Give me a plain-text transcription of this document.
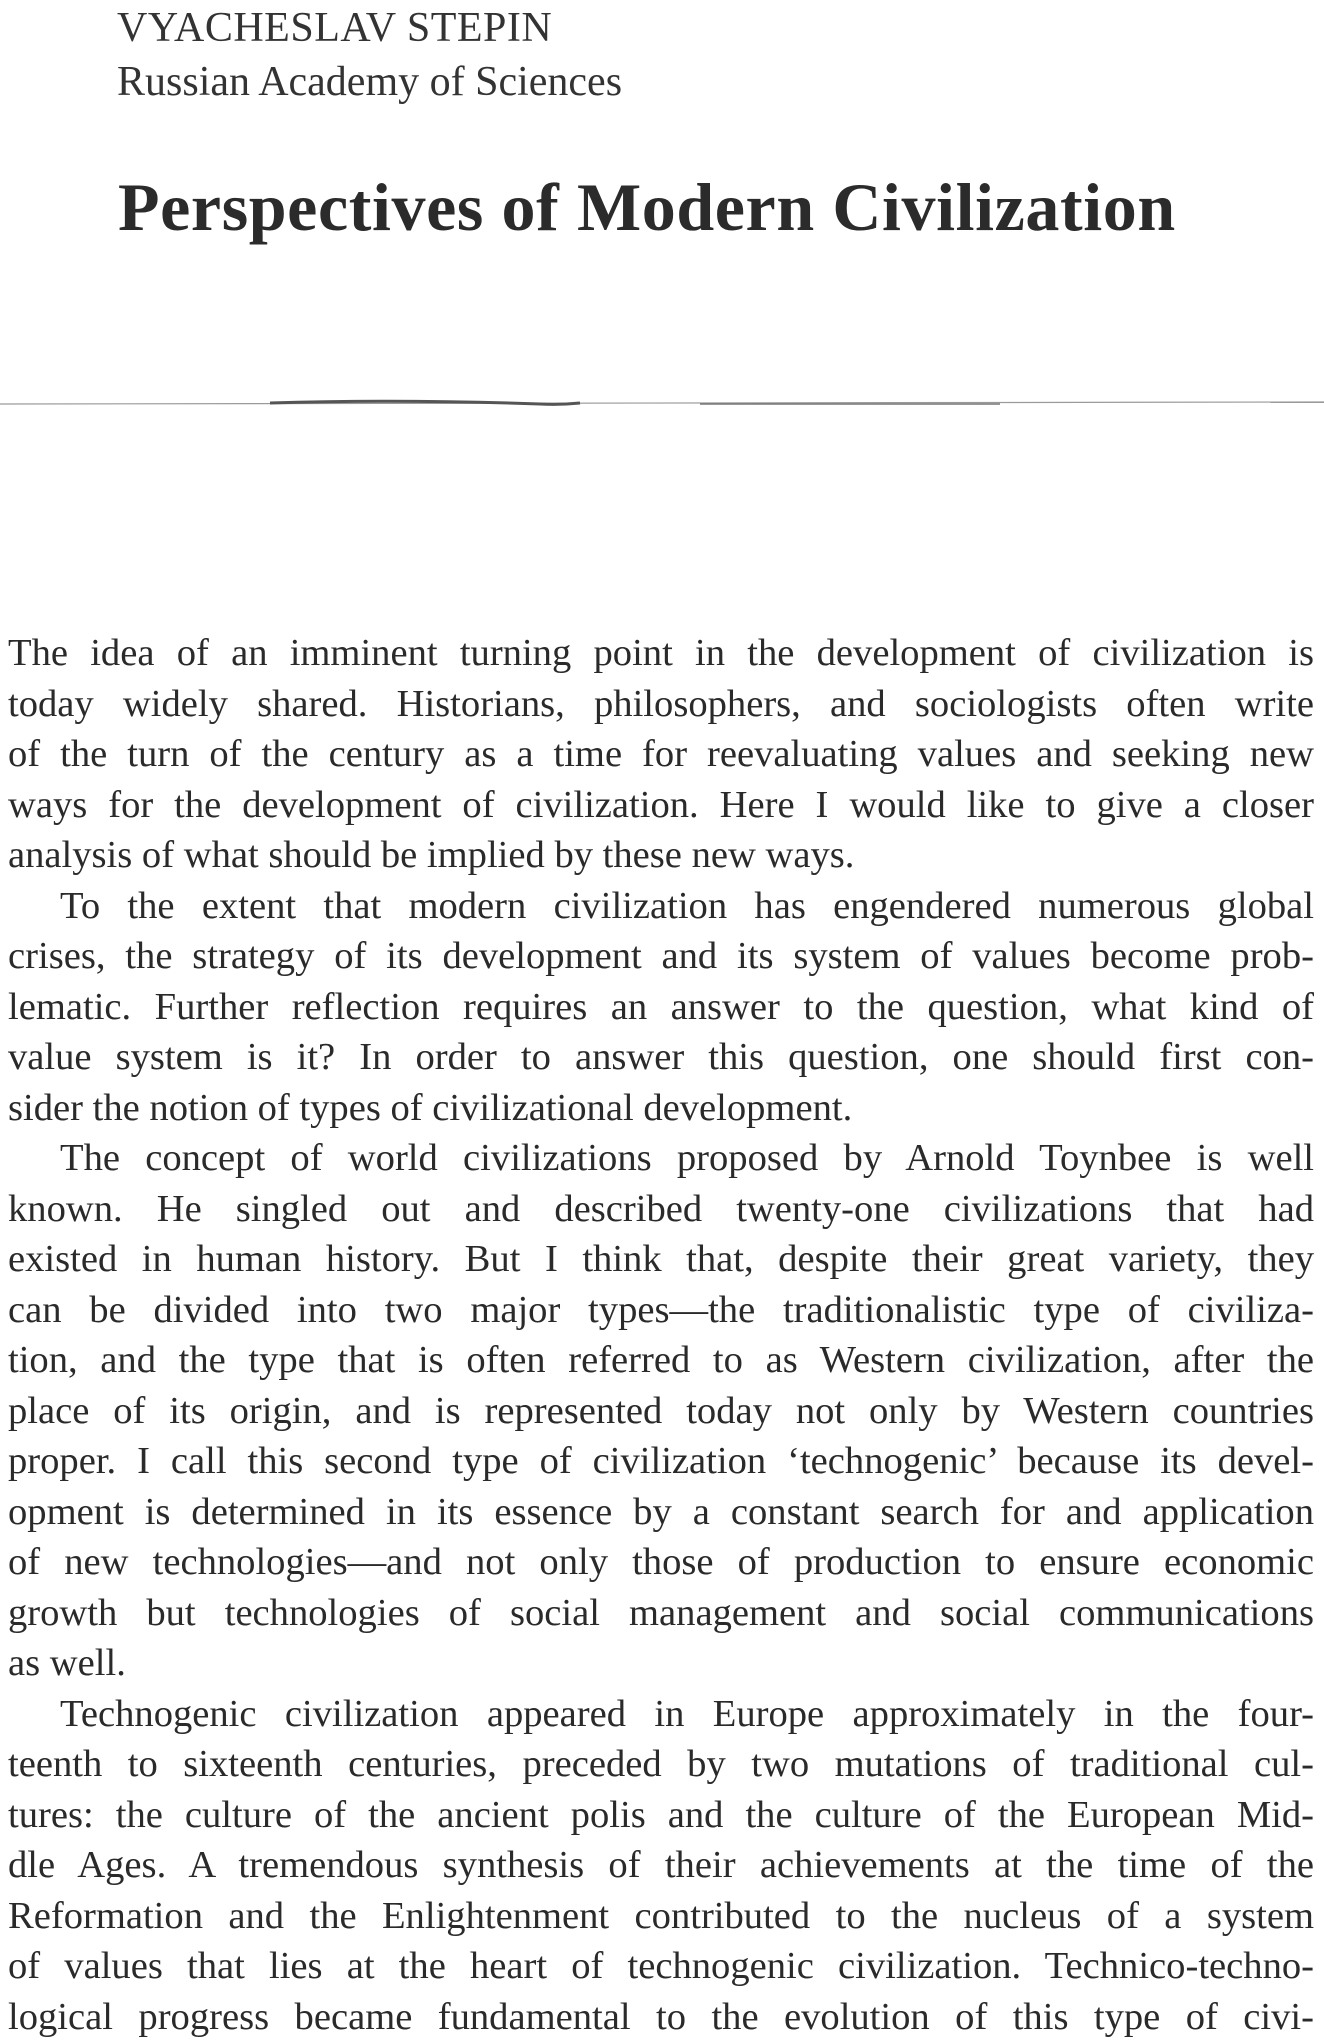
VYACHESLAV STEPIN
Russian Academy of Sciences
Perspectives of Modern Civilization
The idea of an imminent turning point in the development of civilization is
today widely shared. Historians, philosophers, and sociologists often write
of the turn of the century as a time for reevaluating values and seeking new
ways for the development of civilization. Here I would like to give a closer
analysis of what should be implied by these new ways.
To the extent that modern civilization has engendered numerous global
crises, the strategy of its development and its system of values become prob-
lematic. Further reflection requires an answer to the question, what kind of
value system is it? In order to answer this question, one should first con-
sider the notion of types of civilizational development.
The concept of world civilizations proposed by Arnold Toynbee is well
known. He singled out and described twenty-one civilizations that had
existed in human history. But I think that, despite their great variety, they
can be divided into two major types—the traditionalistic type of civiliza-
tion, and the type that is often referred to as Western civilization, after the
place of its origin, and is represented today not only by Western countries
proper. I call this second type of civilization ‘technogenic’ because its devel-
opment is determined in its essence by a constant search for and application
of new technologies—and not only those of production to ensure economic
growth but technologies of social management and social communications
as well.
Technogenic civilization appeared in Europe approximately in the four-
teenth to sixteenth centuries, preceded by two mutations of traditional cul-
tures: the culture of the ancient polis and the culture of the European Mid-
dle Ages. A tremendous synthesis of their achievements at the time of the
Reformation and the Enlightenment contributed to the nucleus of a system
of values that lies at the heart of technogenic civilization. Technico-techno-
logical progress became fundamental to the evolution of this type of civi-
